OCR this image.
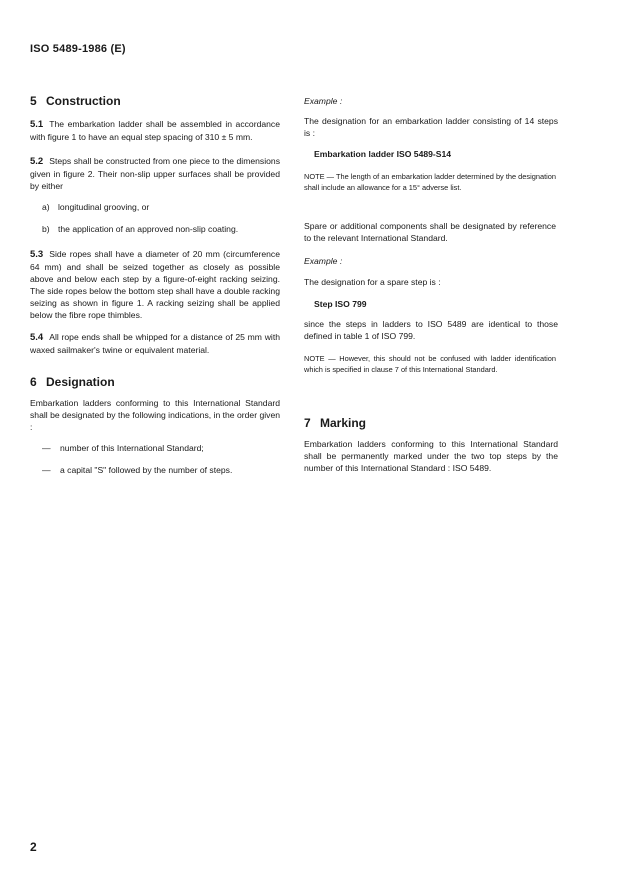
ISO 5489-1986 (E)
5 Construction
5.1 The embarkation ladder shall be assembled in accordance with figure 1 to have an equal step spacing of 310 ± 5 mm.
5.2 Steps shall be constructed from one piece to the dimensions given in figure 2. Their non-slip upper surfaces shall be provided by either
a) longitudinal grooving, or
b) the application of an approved non-slip coating.
5.3 Side ropes shall have a diameter of 20 mm (circumference 64 mm) and shall be seized together as closely as possible above and below each step by a figure-of-eight racking seizing. The side ropes below the bottom step shall have a double racking seizing as shown in figure 1. A racking seizing shall be applied below the fibre rope thimbles.
5.4 All rope ends shall be whipped for a distance of 25 mm with waxed sailmaker's twine or equivalent material.
6 Designation
Embarkation ladders conforming to this International Standard shall be designated by the following indications, in the order given :
— number of this International Standard;
— a capital "S" followed by the number of steps.
Example :
The designation for an embarkation ladder consisting of 14 steps is :
Embarkation ladder ISO 5489-S14
NOTE — The length of an embarkation ladder determined by the designation shall include an allowance for a 15° adverse list.
Spare or additional components shall be designated by reference to the relevant International Standard.
Example :
The designation for a spare step is :
Step ISO 799
since the steps in ladders to ISO 5489 are identical to those defined in table 1 of ISO 799.
NOTE — However, this should not be confused with ladder identification which is specified in clause 7 of this International Standard.
7 Marking
Embarkation ladders conforming to this International Standard shall be permanently marked under the two top steps by the number of this International Standard : ISO 5489.
2
